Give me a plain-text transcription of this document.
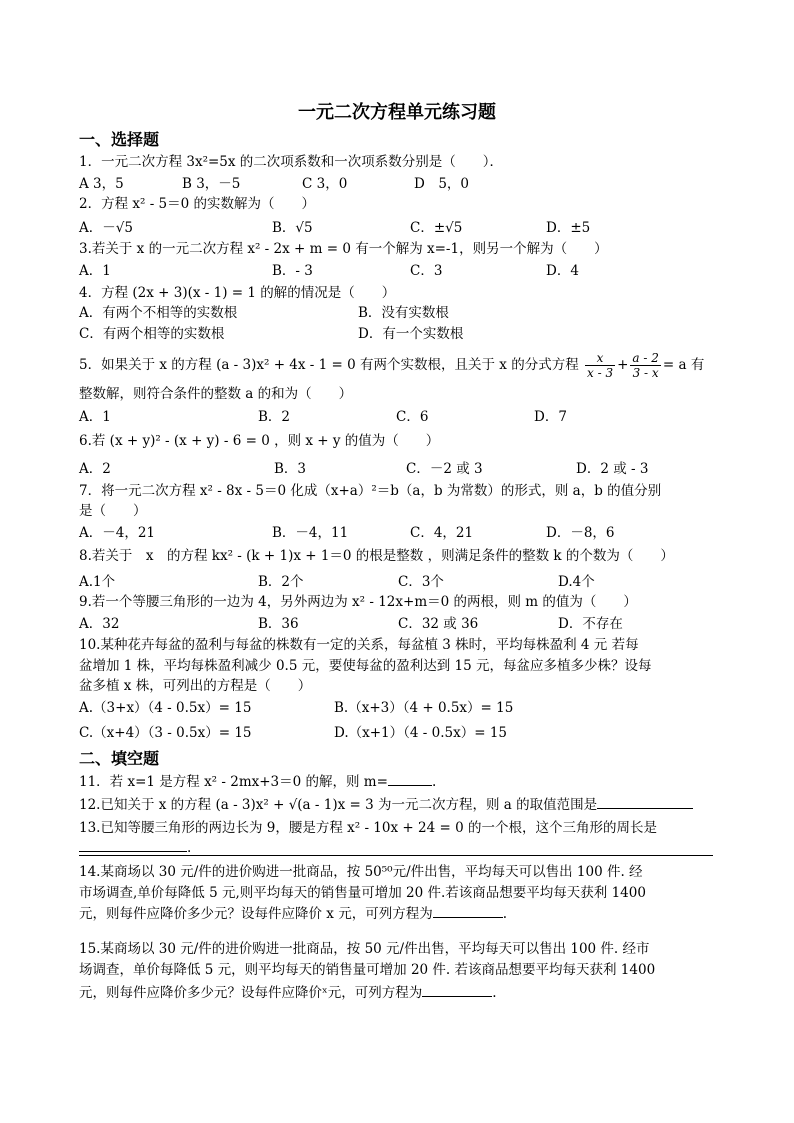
一元二次方程单元练习题
一、选择题
1．一元二次方程 3x²=5x 的二次项系数和一次项系数分别是（　　）．
A 3，5	B 3，－5	C 3，0	D　5，0
2．方程 x² - 5＝0 的实数解为（　　）
A．－√5	B．√5	C．±√5	D．±5
3.若关于 x 的一元二次方程 x² - 2x + m = 0 有一个解为 x=-1，则另一个解为（　　）
A．1	B．- 3	C．3	D．4
4．方程 (2x + 3)(x - 1) = 1 的解的情况是（　　）
A．有两个不相等的实数根	B．没有实数根
C．有两个相等的实数根	D．有一个实数根
5．如果关于 x 的方程 (a - 3)x² + 4x - 1 = 0 有两个实数根，且关于 x 的分式方程 $\frac{x}{x - 3} + \frac{a - 2}{3 - x} = a$ 有
整数解，则符合条件的整数 a 的和为（　　）
A．1	B．2	C．6	D．7
6.若 (x + y)² - (x + y) - 6 = 0 ，则 x + y 的值为（　　）
A．2	B．3	C．－2 或 3	D．2 或 - 3
7．将一元二次方程 x² - 8x - 5＝0 化成（x+a）²＝b（a，b 为常数）的形式，则 a，b 的值分别
是（　　）
A．－4，21	B．－4，11	C．4，21	D．－8，6
8.若关于　x　的方程 kx² - (k + 1)x + 1＝0 的根是整数 ，则满足条件的整数 k 的个数为（　　）
A.1个	B．2个	C．3个	D.4个
9.若一个等腰三角形的一边为 4，另外两边为 x² - 12x+m＝0 的两根，则 m 的值为（　　）
A．32	B．36	C．32 或 36	D．不存在
10.某种花卉每盆的盈利与每盆的株数有一定的关系，每盆植 3 株时，平均每株盈利 4 元 若每
盆增加 1 株，平均每株盈利减少 0.5 元，要使每盆的盈利达到 15 元，每盆应多植多少株？设每
盆多植 x 株，可列出的方程是（　　）
A.（3+x）（4 - 0.5x）= 15	B.（x+3）（4 + 0.5x）= 15
C.（x+4）（3 - 0.5x）= 15	D.（x+1）（4 - 0.5x）= 15
二、填空题
11．若 x=1 是方程 x² - 2mx+3＝0 的解，则 m=	.
12.已知关于 x 的方程 (a - 3)x² + √(a - 1)x = 3 为一元二次方程，则 a 的取值范围是
13.已知等腰三角形的两边长为 9，腰是方程 x² - 10x + 24 = 0 的一个根，这个三角形的周长是
.
14.某商场以 30 元/件的进价购进一批商品，按 50⁵⁰元/件出售，平均每天可以售出 100 件. 经
市场调查,单价每降低 5 元,则平均每天的销售量可增加 20 件.若该商品想要平均每天获利 1400
元，则每件应降价多少元？设每件应降价 x 元，可列方程为	.
15.某商场以 30 元/件的进价购进一批商品，按 50 元/件出售，平均每天可以售出 100 件. 经市
场调查，单价每降低 5 元，则平均每天的销售量可增加 20 件. 若该商品想要平均每天获利 1400
元，则每件应降价多少元？设每件应降价ˣ元，可列方程为	.
